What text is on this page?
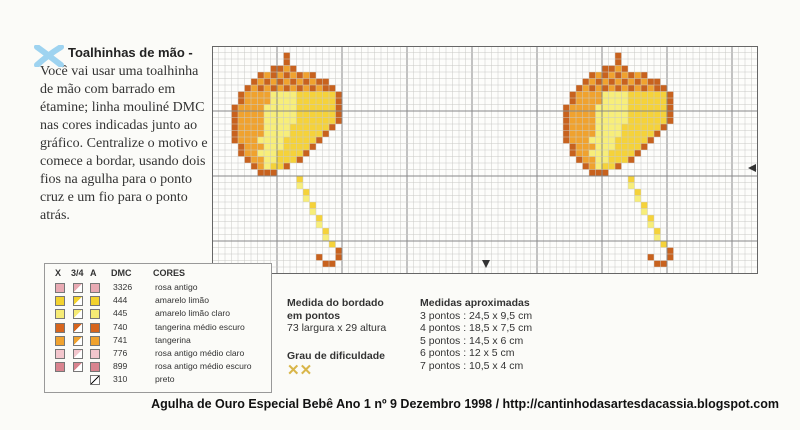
Toalhinhas de mão -
Você vai usar uma toalhinha de mão com barrado em étamine; linha mouliné DMC nas cores indicadas junto ao gráfico. Centralize o motivo e comece a bordar, usando dois fios na agulha para o ponto cruz e um fio para o ponto atrás.

X 3/4 A DMC CORES
3326	rosa antigo
444	amarelo limão
445	amarelo limão claro
740	tangerina médio escuro
741	tangerina
776	rosa antigo médio claro
899	rosa antigo médio escuro
310	preto
Medida do bordado
em pontos
73 largura x 29 altura
Grau de dificuldade
✕✕
Medidas aproximadas
3 pontos : 24,5 x 9,5 cm
4 pontos : 18,5 x 7,5 cm
5 pontos : 14,5 x 6 cm
6 pontos : 12 x 5 cm
7 pontos : 10,5 x 4 cm
Agulha de Ouro Especial Bebê Ano 1 nº 9 Dezembro 1998 / http://cantinhodasartesdacassia.blogspot.com
